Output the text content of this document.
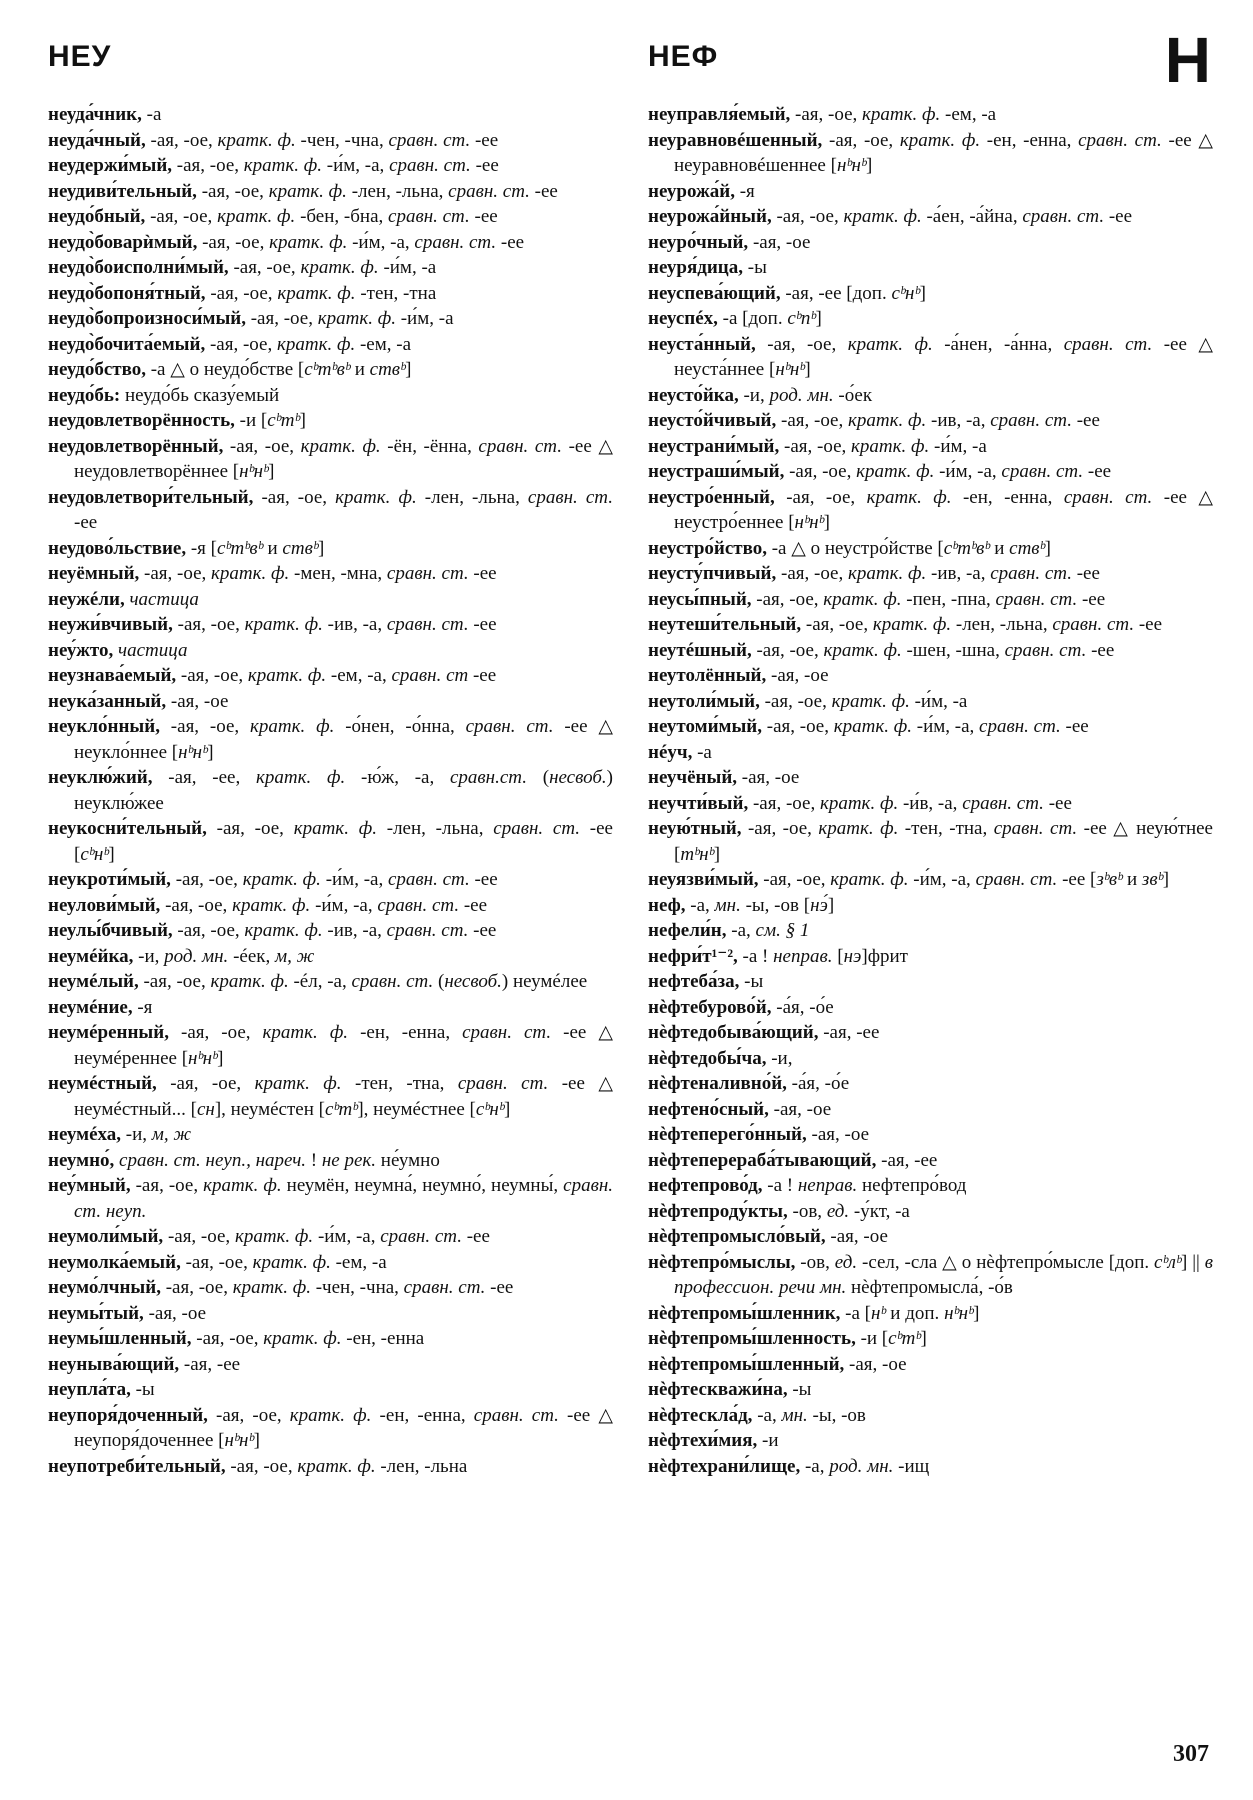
НЕУ	НЕФ	Н
неуда́чник, -а
неуда́чный, -ая, -ое, кратк. ф. -чен, -чна, сравн. ст. -ее
неудержи́мый, -ая, -ое, кратк. ф. -и́м, -а, сравн. ст. -ее
неудиви́тельный, -ая, -ое, кратк. ф. -лен, -льна, сравн. ст. -ее
неудо́бный, -ая, -ое, кратк. ф. -бен, -бна, сравн. ст. -ее
неудо̀боварѝмый, -ая, -ое, кратк. ф. -и́м, -а, сравн. ст. -ее
неудо̀боисполни́мый, -ая, -ое, кратк. ф. -и́м, -а
неудо̀бопоня́тный, -ая, -ое, кратк. ф. -тен, -тна
неудо̀бопроизноси́мый, -ая, -ое, кратк. ф. -и́м, -а
неудо̀бочита́емый, -ая, -ое, кратк. ф. -ем, -а
неудо́бство, -а △ о неудо́бстве [сᵇтᵇвᵇ и ствᵇ]
неудо́бь: неудо́бь сказу́емый
неудовлетворённость, -и [сᵇтᵇ]
неудовлетворённый, -ая, -ое, кратк. ф. -ён, -ённа, сравн. ст. -ее △ неудовлетворённее [нᵇнᵇ]
неудовлетвори́тельный, -ая, -ое, кратк. ф. -лен, -льна, сравн. ст. -ее
неудово́льствие, -я [сᵇтᵇвᵇ и ствᵇ]
неуёмный, -ая, -ое, кратк. ф. -мен, -мна, сравн. ст. -ее
неужéли, частица
неужи́вчивый, -ая, -ое, кратк. ф. -ив, -а, сравн. ст. -ее
неу́жто, частица
неузнава́емый, -ая, -ое, кратк. ф. -ем, -а, сравн. ст -ее
неука́занный, -ая, -ое
неукло́нный, -ая, -ое, кратк. ф. -о́нен, -о́нна, сравн. ст. -ее △ неукло́ннее [нᵇнᵇ]
неуклю́жий, -ая, -ее, кратк. ф. -ю́ж, -а, сравн.ст. (несвоб.) неуклю́жее
неукосни́тельный, -ая, -ое, кратк. ф. -лен, -льна, сравн. ст. -ее [сᵇнᵇ]
неукроти́мый, -ая, -ое, кратк. ф. -и́м, -а, сравн. ст. -ее
неулови́мый, -ая, -ое, кратк. ф. -и́м, -а, сравн. ст. -ее
неулы́бчивый, -ая, -ое, кратк. ф. -ив, -а, сравн. ст. -ее
неумéйка, -и, род. мн. -éек, м, ж
неумéлый, -ая, -ое, кратк. ф. -éл, -а, сравн. ст. (несвоб.) неумéлее
неумéние, -я
неумéренный, -ая, -ое, кратк. ф. -ен, -енна, сравн. ст. -ее △ неумéреннее [нᵇнᵇ]
неумéстный, -ая, -ое, кратк. ф. -тен, -тна, сравн. ст. -ее △ неумéстный... [сн], неумéстен [сᵇтᵇ], неумéстнее [сᵇнᵇ]
неумéха, -и, м, ж
неумно́, сравн. ст. неуп., нареч. ! не рек. не́умно
неу́мный, -ая, -ое, кратк. ф. неумён, неумна́, неумно́, неумны́, сравн. ст. неуп.
неумоли́мый, -ая, -ое, кратк. ф. -и́м, -а, сравн. ст. -ее
неумолка́емый, -ая, -ое, кратк. ф. -ем, -а
неумо́лчный, -ая, -ое, кратк. ф. -чен, -чна, сравн. ст. -ее
неумы́тый, -ая, -ое
неумы́шленный, -ая, -ое, кратк. ф. -ен, -енна
неуныва́ющий, -ая, -ее
неупла́та, -ы
неупоря́доченный, -ая, -ое, кратк. ф. -ен, -енна, сравн. ст. -ее △ неупоря́доченнее [нᵇнᵇ]
неупотреби́тельный, -ая, -ое, кратк. ф. -лен, -льна
неуправля́емый, -ая, -ое, кратк. ф. -ем, -а
неуравновéшенный, -ая, -ое, кратк. ф. -ен, -енна, сравн. ст. -ее △ неуравновéшеннее [нᵇнᵇ]
неурожа́й, -я
неурожа́йный, -ая, -ое, кратк. ф. -а́ен, -а́йна, сравн. ст. -ее
неуро́чный, -ая, -ое
неуря́дица, -ы
неуспева́ющий, -ая, -ее [доп. сᵇнᵇ]
неуспéх, -а [доп. сᵇпᵇ]
неуста́нный, -ая, -ое, кратк. ф. -а́нен, -а́нна, сравн. ст. -ее △ неуста́ннее [нᵇнᵇ]
неусто́йка, -и, род. мн. -о́ек
неусто́йчивый, -ая, -ое, кратк. ф. -ив, -а, сравн. ст. -ее
неустрани́мый, -ая, -ое, кратк. ф. -и́м, -а
неустраши́мый, -ая, -ое, кратк. ф. -и́м, -а, сравн. ст. -ее
неустро́енный, -ая, -ое, кратк. ф. -ен, -енна, сравн. ст. -ее △ неустро́еннее [нᵇнᵇ]
неустро́йство, -а △ о неустро́йстве [сᵇтᵇвᵇ и ствᵇ]
неусту́пчивый, -ая, -ое, кратк. ф. -ив, -а, сравн. ст. -ее
неусы́пный, -ая, -ое, кратк. ф. -пен, -пна, сравн. ст. -ее
неутеши́тельный, -ая, -ое, кратк. ф. -лен, -льна, сравн. ст. -ее
неутéшный, -ая, -ое, кратк. ф. -шен, -шна, сравн. ст. -ее
неутолённый, -ая, -ое
неутоли́мый, -ая, -ое, кратк. ф. -и́м, -а
неутоми́мый, -ая, -ое, кратк. ф. -и́м, -а, сравн. ст. -ее
нéуч, -а
неучёный, -ая, -ое
неучти́вый, -ая, -ое, кратк. ф. -и́в, -а, сравн. ст. -ее
неую́тный, -ая, -ое, кратк. ф. -тен, -тна, сравн. ст. -ее △ неую́тнее [тᵇнᵇ]
неуязви́мый, -ая, -ое, кратк. ф. -и́м, -а, сравн. ст. -ее [зᵇвᵇ и звᵇ]
неф, -а, мн. -ы, -ов [нэ́]
нефели́н, -а, см. § 1
нефри́т¹⁻², -а ! неправ. [нэ]фрит
нефтеба́за, -ы
нѐфтебурово́й, -а́я, -о́е
нѐфтедобыва́ющий, -ая, -ее
нѐфтедобы́ча, -и,
нѐфтеналивно́й, -а́я, -о́е
нефтено́сный, -ая, -ое
нѐфтеперего́нный, -ая, -ое
нѐфтеперераба́тывающий, -ая, -ее
нефтепрово́д, -а ! неправ. нефтепро́вод
нѐфтепроду́кты, -ов, ед. -у́кт, -а
нѐфтепромысло́вый, -ая, -ое
нѐфтепро́мыслы, -ов, ед. -сел, -сла △ о нѐфтепро́мысле [доп. сᵇлᵇ] || в профессион. речи мн. нѐфтепромысла́, -о́в
нѐфтепромы́шленник, -а [нᵇ и доп. нᵇнᵇ]
нѐфтепромы́шленность, -и [сᵇтᵇ]
нѐфтепромы́шленный, -ая, -ое
нѐфтескважи́на, -ы
нѐфтескла́д, -а, мн. -ы, -ов
нѐфтехи́мия, -и
нѐфтехрани́лище, -а, род. мн. -ищ
307
